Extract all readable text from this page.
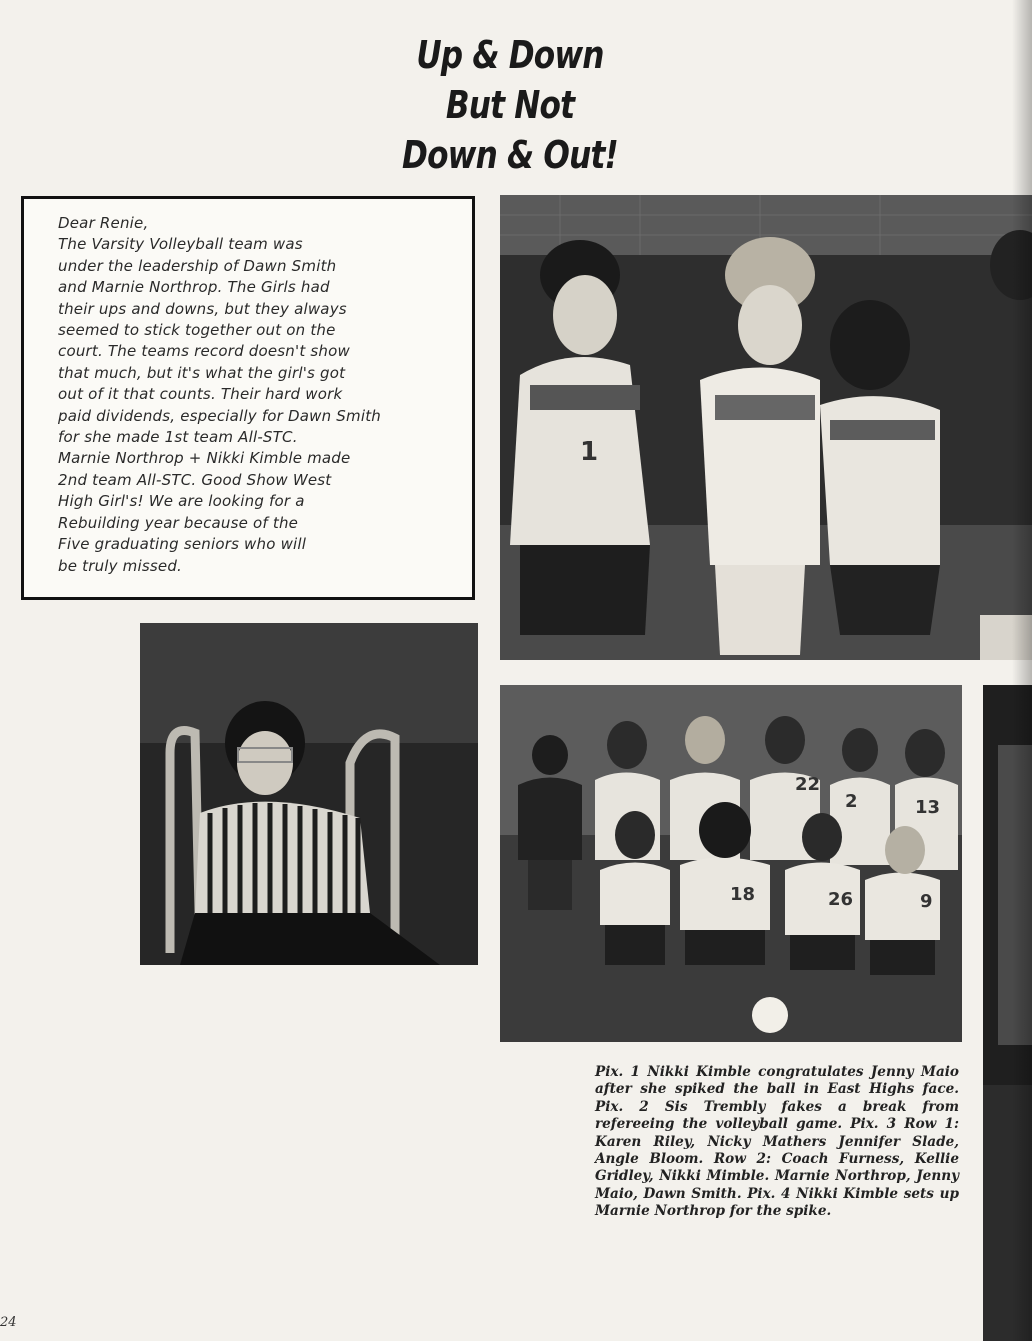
Up & Down
But Not
Down & Out!
Dear Renie,
The Varsity Volleyball team was
under the leadership of Dawn Smith
and Marnie Northrop. The Girls had
their ups and downs, but they always
seemed to stick together out on the
court. The teams record doesn't show
that much, but it's what the girl's got
out of it that counts. Their hard work
paid dividends, especially for Dawn Smith
for she made 1st team All-STC.
Marnie Northrop + Nikki Kimble made
2nd team All-STC. Good Show West
High Girl's! We are looking for a
Rebuilding year because of the
Five graduating seniors who will
be truly missed.
1
22
2	13
18	26	9
Pix. 1 Nikki Kimble congratulates Jenny Maio after she spiked the ball in East Highs face. Pix. 2 Sis Trembly fakes a break from refereeing the volleyball game. Pix. 3 Row 1: Karen Riley, Nicky Mathers Jennifer Slade, Angle Bloom. Row 2: Coach Furness, Kellie Gridley, Nikki Mimble. Marnie Northrop, Jenny Maio, Dawn Smith. Pix. 4 Nikki Kimble sets up Marnie Northrop for the spike.
24
